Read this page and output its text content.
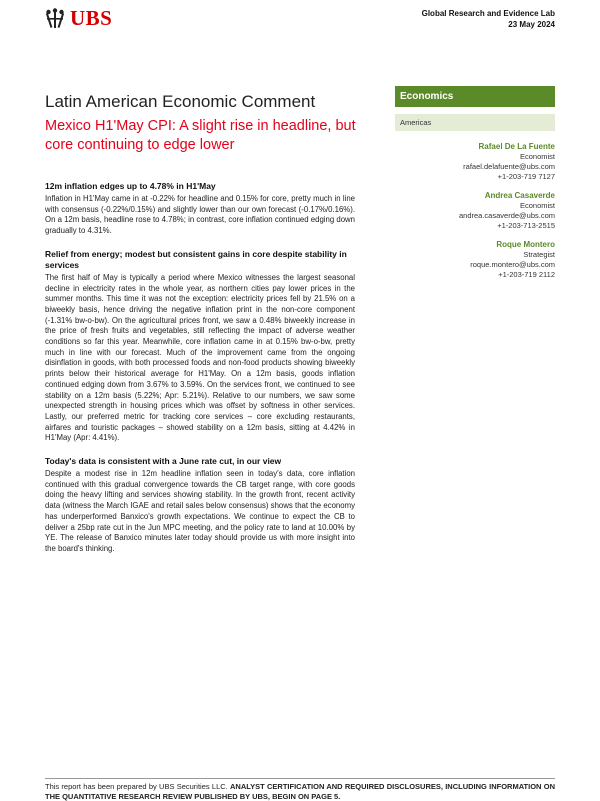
UBS	Global Research and Evidence Lab
23 May 2024
Latin American Economic Comment
Mexico H1'May CPI: A slight rise in headline, but core continuing to edge lower
Economics
Americas
Rafael De La Fuente
Economist
rafael.delafuente@ubs.com
+1-203-719 7127
Andrea Casaverde
Economist
andrea.casaverde@ubs.com
+1-203-713-2515
Roque Montero
Strategist
roque.montero@ubs.com
+1-203-719 2112

12m inflation edges up to 4.78% in H1'May

Inflation in H1'May came in at -0.22% for headline and 0.15% for core, pretty much in line with consensus (-0.22%/0.15%) and slightly lower than our own forecast (-0.17%/0.16%). On a 12m basis, headline rose to 4.78%; in contrast, core inflation continued edging down gradually to 4.31%.

Relief from energy; modest but consistent gains in core despite stability in services

The first half of May is typically a period where Mexico witnesses the largest seasonal decline in electricity rates in the whole year, as northern cities pay lower prices in the summer months. This time it was not the exception: electricity prices fell by 21.5% on a biweekly basis, hence driving the negative inflation print in the non-core component (-1.31% bw-o-bw). On the agricultural prices front, we saw a 0.48% biweekly increase in the price of fresh fruits and vegetables, still reflecting the impact of adverse weather conditions so far this year. Meanwhile, core inflation came in at 0.15% bw-o-bw, pretty much in line with our forecast. Much of the improvement came from the ongoing disinflation in goods, with both processed foods and non-food products showing biweekly prints below their historical average for H1'May. On a 12m basis, goods inflation continued edging down from 3.67% to 3.59%. On the services front, we continued to see stability on a 12m basis (5.22%; Apr: 5.21%). Relative to our numbers, we saw some unexpected strength in housing prices which was offset by softness in other services. Lastly, our preferred metric for tracking core services – core excluding restaurants, airfares and touristic packages – showed stability on a 12m basis, sitting at 4.42% in H1'May (Apr: 4.41%).

Today's data is consistent with a June rate cut, in our view

Despite a modest rise in 12m headline inflation seen in today's data, core inflation continued with this gradual convergence towards the CB target range, with core goods doing the heavy lifting and services showing stability. In the growth front, recent activity data (witness the March IGAE and retail sales below consensus) shows that the economy has underperformed Banxico's growth expectations. We continue to expect the CB to deliver a 25bp rate cut in the Jun MPC meeting, and the policy rate to land at 10.00% by YE. The release of Banxico minutes later today should provide us with more insight into the board's thinking.

This report has been prepared by UBS Securities LLC. ANALYST CERTIFICATION AND REQUIRED DISCLOSURES, INCLUDING INFORMATION ON THE QUANTITATIVE RESEARCH REVIEW PUBLISHED BY UBS, BEGIN ON PAGE 5.
